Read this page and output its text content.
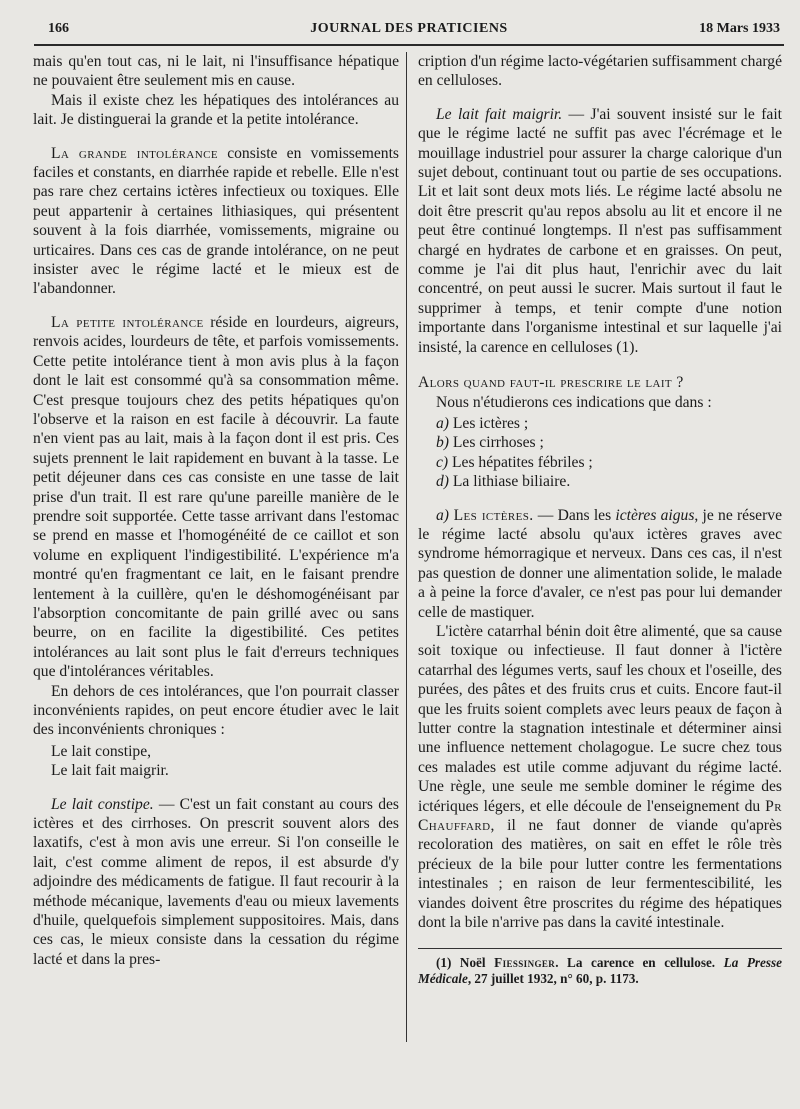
166	JOURNAL DES PRATICIENS	18 Mars 1933

mais qu'en tout cas, ni le lait, ni l'insuffisance hépatique ne pouvaient être seulement mis en cause.

Mais il existe chez les hépatiques des intolérances au lait. Je distinguerai la grande et la petite intolérance.

La grande intolérance consiste en vomissements faciles et constants, en diarrhée rapide et rebelle. Elle n'est pas rare chez certains ictères infectieux ou toxiques. Elle peut appartenir à certaines lithiasiques, qui présentent souvent à la fois diarrhée, vomissements, migraine ou urticaires. Dans ces cas de grande intolérance, on ne peut insister avec le régime lacté et le mieux est de l'abandonner.

La petite intolérance réside en lourdeurs, aigreurs, renvois acides, lourdeurs de tête, et parfois vomissements. Cette petite intolérance tient à mon avis plus à la façon dont le lait est consommé qu'à sa consommation même. C'est presque toujours chez des petits hépatiques qu'on l'observe et la raison en est facile à découvrir. La faute n'en vient pas au lait, mais à la façon dont il est pris. Ces sujets prennent le lait rapidement en buvant à la tasse. Le petit déjeuner dans ces cas consiste en une tasse de lait prise d'un trait. Il est rare qu'une pareille manière de le prendre soit supportée. Cette tasse arrivant dans l'estomac se prend en masse et l'homogénéité de ce caillot et son volume en expliquent l'indigestibilité. L'expérience m'a montré qu'en fragmentant ce lait, en le faisant prendre lentement à la cuillère, qu'en le déshomogénéisant par l'absorption concomitante de pain grillé avec ou sans beurre, on en facilite la digestibilité. Ces petites intolérances au lait sont plus le fait d'erreurs techniques que d'intolérances véritables.

En dehors de ces intolérances, que l'on pourrait classer inconvénients rapides, on peut encore étudier avec le lait des inconvénients chroniques :

Le lait constipe,
Le lait fait maigrir.

Le lait constipe. — C'est un fait constant au cours des ictères et des cirrhoses. On prescrit souvent alors des laxatifs, c'est à mon avis une erreur. Si l'on conseille le lait, c'est comme aliment de repos, il est absurde d'y adjoindre des médicaments de fatigue. Il faut recourir à la méthode mécanique, lavements d'eau ou mieux lavements d'huile, quelquefois simplement suppositoires. Mais, dans ces cas, le mieux consiste dans la cessation du régime lacté et dans la pres-

cription d'un régime lacto-végétarien suffisamment chargé en celluloses.

Le lait fait maigrir. — J'ai souvent insisté sur le fait que le régime lacté ne suffit pas avec l'écrémage et le mouillage industriel pour assurer la charge calorique d'un sujet debout, continuant tout ou partie de ses occupations. Lit et lait sont deux mots liés. Le régime lacté absolu ne doit être prescrit qu'au repos absolu au lit et encore il ne peut être continué longtemps. Il n'est pas suffisamment chargé en hydrates de carbone et en graisses. On peut, comme je l'ai dit plus haut, l'enrichir avec du lait concentré, on peut aussi le sucrer. Mais surtout il faut le supprimer à temps, et tenir compte d'une notion importante dans l'organisme intestinal et sur laquelle j'ai insisté, la carence en celluloses (1).

Alors quand faut-il prescrire le lait ?

Nous n'étudierons ces indications que dans :

a) Les ictères ;
b) Les cirrhoses ;
c) Les hépatites fébriles ;
d) La lithiase biliaire.

a) Les ictères. — Dans les ictères aigus, je ne réserve le régime lacté absolu qu'aux ictères graves avec syndrome hémorragique et nerveux. Dans ces cas, il n'est pas question de donner une alimentation solide, le malade a à peine la force d'avaler, ce n'est pas pour lui demander celle de mastiquer.

L'ictère catarrhal bénin doit être alimenté, que sa cause soit toxique ou infectieuse. Il faut donner à l'ictère catarrhal des légumes verts, sauf les choux et l'oseille, des purées, des pâtes et des fruits crus et cuits. Encore faut-il que les fruits soient complets avec leurs peaux de façon à lutter contre la stagnation intestinale et déterminer ainsi une influence nettement cholagogue. Le sucre chez tous ces malades est utile comme adjuvant du régime lacté. Une règle, une seule me semble dominer le régime des ictériques légers, et elle découle de l'enseignement du Pr Chauffard, il ne faut donner de viande qu'après recoloration des matières, on sait en effet le rôle très précieux de la bile pour lutter contre les fermentations intestinales ; en raison de leur fermentescibilité, les viandes doivent être proscrites du régime des hépatiques dont la bile n'arrive pas dans la cavité intestinale.

(1) Noël Fiessinger. La carence en cellulose. La Presse Médicale, 27 juillet 1932, n° 60, p. 1173.
